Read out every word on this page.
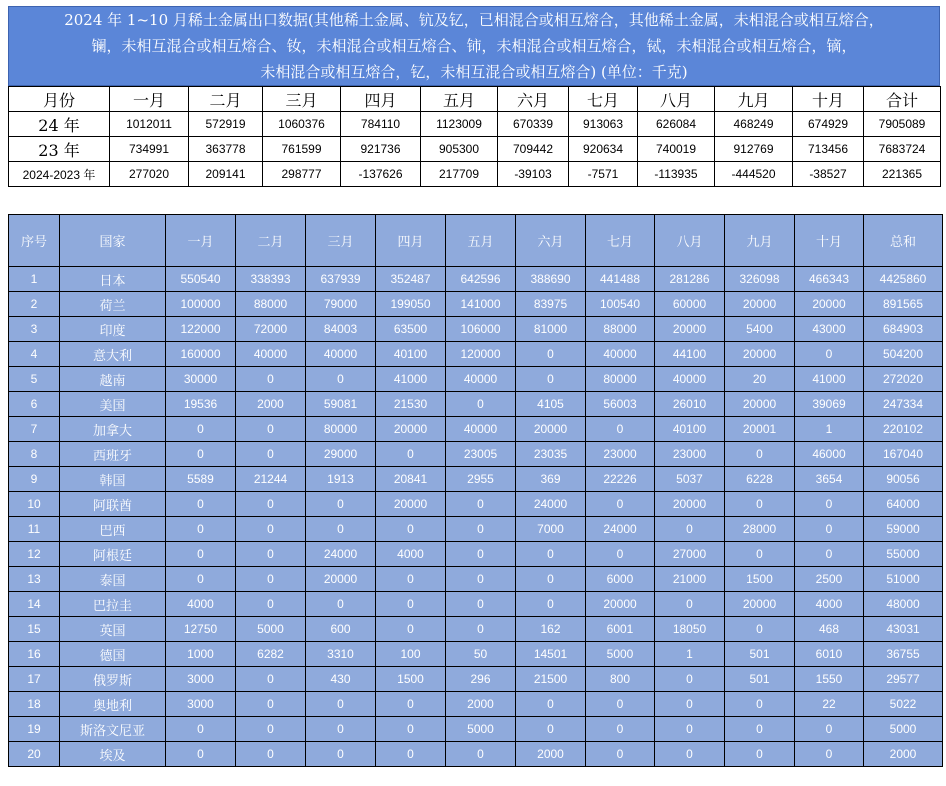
2024 年 1~10 月稀土金属出口数据(其他稀土金属、钪及钇，已相混合或相互熔合，其他稀土金属，未相混合或相互熔合，
镧，未相互混合或相互熔合、钕，未相混合或相互熔合、铈，未相混合或相互熔合，铽，未相混合或相互熔合，镝，
未相混合或相互熔合，钇，未相互混合或相互熔合) (单位：千克)
月份	一月	二月	三月	四月	五月	六月	七月	八月	九月	十月	合计
24 年	1012011	572919	1060376	784110	1123009	670339	913063	626084	468249	674929	7905089
23 年	734991	363778	761599	921736	905300	709442	920634	740019	912769	713456	7683724
2024-2023 年	277020	209141	298777	-137626	217709	-39103	-7571	-113935	-444520	-38527	221365
序号	国家	一月	二月	三月	四月	五月	六月	七月	八月	九月	十月	总和
1	日本	550540	338393	637939	352487	642596	388690	441488	281286	326098	466343	4425860
2	荷兰	100000	88000	79000	199050	141000	83975	100540	60000	20000	20000	891565
3	印度	122000	72000	84003	63500	106000	81000	88000	20000	5400	43000	684903
4	意大利	160000	40000	40000	40100	120000	0	40000	44100	20000	0	504200
5	越南	30000	0	0	41000	40000	0	80000	40000	20	41000	272020
6	美国	19536	2000	59081	21530	0	4105	56003	26010	20000	39069	247334
7	加拿大	0	0	80000	20000	40000	20000	0	40100	20001	1	220102
8	西班牙	0	0	29000	0	23005	23035	23000	23000	0	46000	167040
9	韩国	5589	21244	1913	20841	2955	369	22226	5037	6228	3654	90056
10	阿联酋	0	0	0	20000	0	24000	0	20000	0	0	64000
11	巴西	0	0	0	0	0	7000	24000	0	28000	0	59000
12	阿根廷	0	0	24000	4000	0	0	0	27000	0	0	55000
13	泰国	0	0	20000	0	0	0	6000	21000	1500	2500	51000
14	巴拉圭	4000	0	0	0	0	0	20000	0	20000	4000	48000
15	英国	12750	5000	600	0	0	162	6001	18050	0	468	43031
16	德国	1000	6282	3310	100	50	14501	5000	1	501	6010	36755
17	俄罗斯	3000	0	430	1500	296	21500	800	0	501	1550	29577
18	奥地利	3000	0	0	0	2000	0	0	0	0	22	5022
19	斯洛文尼亚	0	0	0	0	5000	0	0	0	0	0	5000
20	埃及	0	0	0	0	0	2000	0	0	0	0	2000
